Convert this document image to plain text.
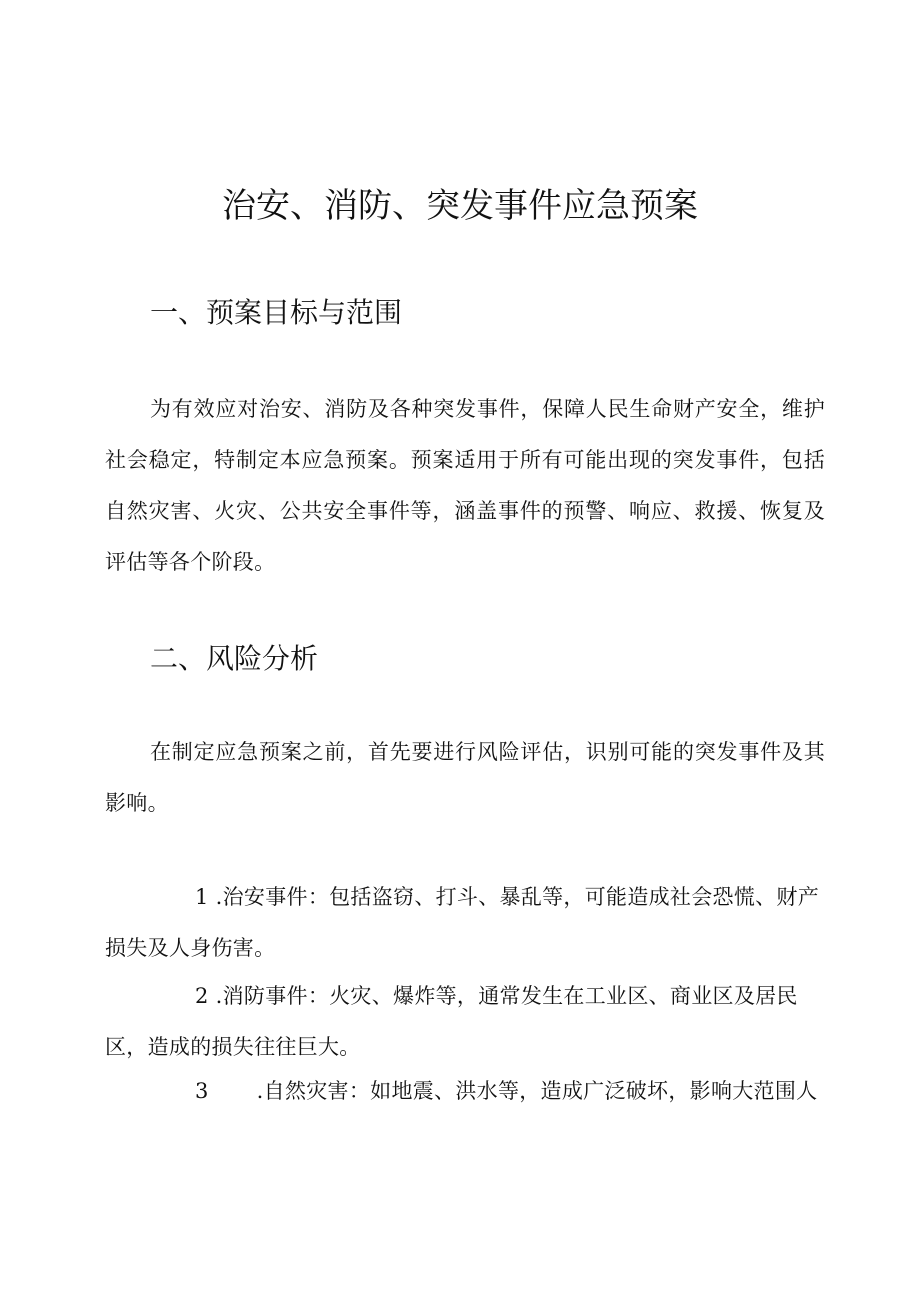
治安、消防、突发事件应急预案
一、预案目标与范围

为有效应对治安、消防及各种突发事件，保障人民生命财产安全，维护社会稳定，特制定本应急预案。预案适用于所有可能出现的突发事件，包括自然灾害、火灾、公共安全事件等，涵盖事件的预警、响应、救援、恢复及评估等各个阶段。

二、风险分析

在制定应急预案之前，首先要进行风险评估，识别可能的突发事件及其影响。

1 .治安事件：包括盗窃、打斗、暴乱等，可能造成社会恐慌、财产损失及人身伤害。

2 .消防事件：火灾、爆炸等，通常发生在工业区、商业区及居民区，造成的损失往往巨大。

3 .自然灾害：如地震、洪水等，造成广泛破坏，影响大范围人
